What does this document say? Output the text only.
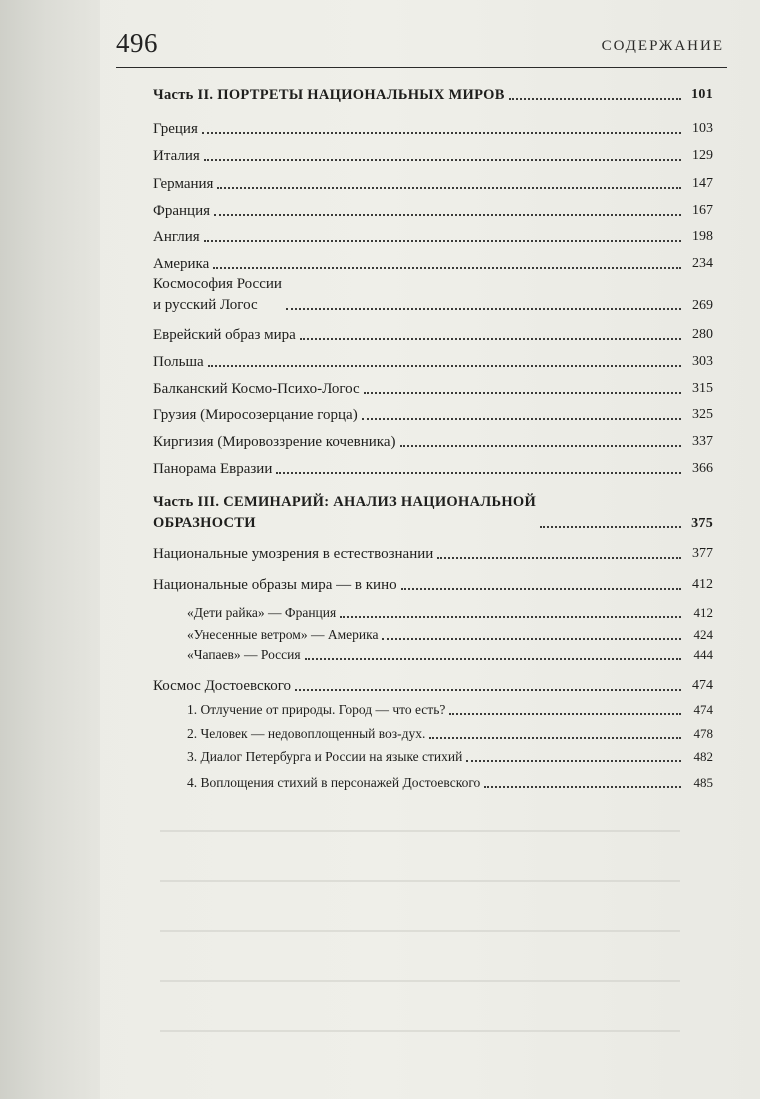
496	СОДЕРЖАНИЕ
Часть II. ПОРТРЕТЫ НАЦИОНАЛЬНЫХ МИРОВ	101
Греция	103
Италия	129
Германия	147
Франция	167
Англия	198
Америка	234
Космософия России
и русский Логос	269
Еврейский образ мира	280
Польша	303
Балканский Космо-Психо-Логос	315
Грузия (Миросозерцание горца)	325
Киргизия (Мировоззрение кочевника)	337
Панорама Евразии	366
Часть III. СЕМИНАРИЙ: АНАЛИЗ НАЦИОНАЛЬНОЙ
ОБРАЗНОСТИ	375
Национальные умозрения в естествознании	377
Национальные образы мира — в кино	412
«Дети райка» — Франция	412
«Унесенные ветром» — Америка	424
«Чапаев» — Россия	444
Космос Достоевского	474
1. Отлучение от природы. Город — что есть?	474
2. Человек — недовоплощенный воз-дух.	478
3. Диалог Петербурга и России на языке стихий	482
4. Воплощения стихий в персонажей Достоевского	485
